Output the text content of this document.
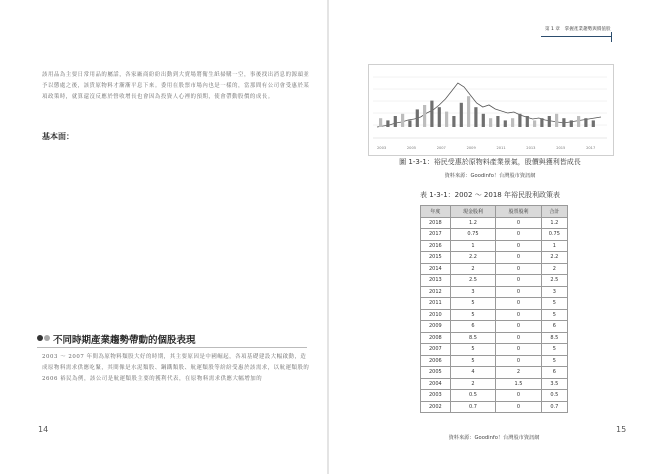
該用品為主要日常用品的屬話，各家廠商紛紛出動到大賣場將衛生紙掃購一空，事後找出消息的源頭並予以懲處之後，該貨原物料才漸漸平息下來。委用在股票市場內也是一樣的，當那間有公司會受惠於某項政策時，就算還沒反應於營收增長也會因為投資人心裡的預期，使會帶動股價的成長。
基本面：
不同時期產業趨勢帶動的個股表現
2003 ～ 2007 年間為原物料類股大好的時期，其主要原因是中國崛起，各項基礎建設大幅啟動，造成原物料需求供應吃緊，其間像是水泥類股、鋼鐵類股、航運類股等紛紛受惠於該需求，以航運類股的 2606 裕民為例，該公司是航運類股主要的獲利代表，在原物料需求供應大幅增加的
14
第 1 章　掌握產業趨勢與價值股
2003	2005	2007	2009	2011	2013	2015	2017
圖 1-3-1：裕民受惠於原物料產業景氣，股價與獲利皆成長
資料來源：Goodinfo！台灣股市資訊網
表 1-3-1：2002 ～ 2018 年裕民股利政策表
年度	現金股利	股票股利	合計
2018	1.2	0	1.2
2017	0.75	0	0.75
2016	1	0	1
2015	2.2	0	2.2
2014	2	0	2
2013	2.5	0	2.5
2012	3	0	3
2011	5	0	5
2010	5	0	5
2009	6	0	6
2008	8.5	0	8.5
2007	5	0	5
2006	5	0	5
2005	4	2	6
2004	2	1.5	3.5
2003	0.5	0	0.5
2002	0.7	0	0.7
資料來源：Goodinfo！台灣股市資訊網
15
